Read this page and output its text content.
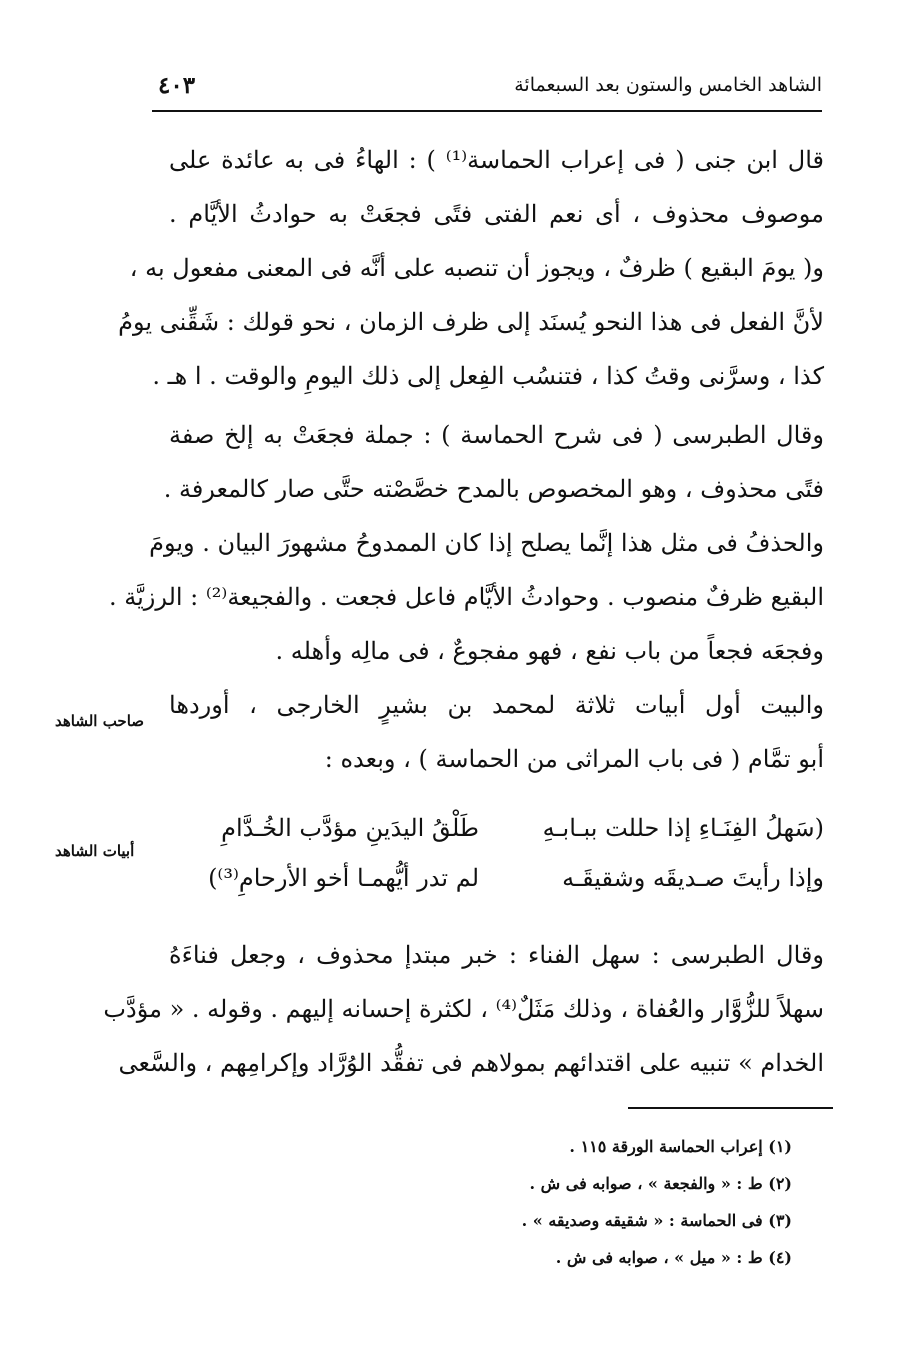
الشاهد الخامس والستون بعد السبعمائة
٤٠٣

قال ابن جنى ( فى إعراب الحماسة⁽¹⁾ ) : الهاءُ فى به عائدة على

موصوف محذوف ، أى نعم الفتى فتًى فجعَتْ به حوادثُ الأيَّام .

و( يومَ البقيع ) ظرفٌ ، ويجوز أن تنصبه على أنَّه فى المعنى مفعول به ،

لأنَّ الفعل فى هذا النحو يُسنَد إلى ظرف الزمان ، نحو قولك : شَقِّنى يومُ

كذا ، وسرَّنى وقتُ كذا ، فتنسُب الفِعل إلى ذلك اليومِ والوقت . ا هـ .

وقال الطبرسى ( فى شرح الحماسة ) : جملة فجعَتْ به إلخ صفة

فتًى محذوف ، وهو المخصوص بالمدح خصَّصْته حتَّى صار كالمعرفة .

والحذفُ فى مثل هذا إنَّما يصلح إذا كان الممدوحُ مشهورَ البيان . ويومَ

البقيع ظرفٌ منصوب . وحوادثُ الأيَّام فاعل فجعت . والفجيعة⁽²⁾ : الرزيَّة .

وفجعَه فجعاً من باب نفع ، فهو مفجوعٌ ، فى مالِه وأهله .

والبيت أول أبيات ثلاثة لمحمد بن بشيرٍ الخارجى ، أوردها

أبو تمَّام ( فى باب المراثى من الحماسة ) ، وبعده :

صاحب الشاهد
(سَهلُ الفِنَـاءِ إذا حللت ببـابـهِ
طَلْقُ اليدَينِ مؤدَّب الخُـدَّامِ
وإذا رأيتَ صـديقَه وشقيقَـه
لم تدر أيُّهمـا أخو الأرحامِ⁽³⁾)
أبيات الشاهد

وقال الطبرسى : سهل الفناء : خبر مبتدإ محذوف ، وجعل فناءَهُ

سهلاً للزُّوَّار والعُفاة ، وذلك مَثَلٌ⁽⁴⁾ ، لكثرة إحسانه إليهم . وقوله . « مؤدَّب

الخدام » تنبيه على اقتدائهم بمولاهم فى تفقُّد الوُرَّاد وإكرامِهم ، والسَّعى

(١) إعراب الحماسة الورقة ١١٥ .
(٢) ط : « والفجعة » ، صوابه فى ش .
(٣) فى الحماسة : « شقيقه وصديقه » .
(٤) ط : « ميل » ، صوابه فى ش .
